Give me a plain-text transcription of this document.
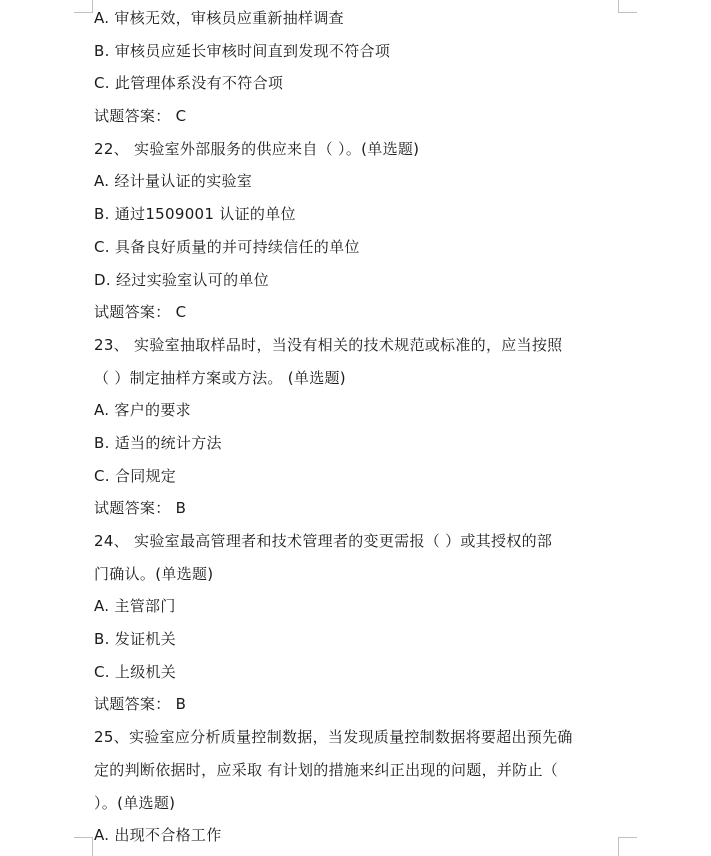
A. 审核无效，审核员应重新抽样调查
B. 审核员应延长审核时间直到发现不符合项
C. 此管理体系没有不符合项
试题答案： C
22、 实验室外部服务的供应来自（ ）。(单选题)
A. 经计量认证的实验室
B. 通过1509001 认证的单位
C. 具备良好质量的并可持续信任的单位
D. 经过实验室认可的单位
试题答案： C
23、 实验室抽取样品时，当没有相关的技术规范或标准的，应当按照
（ ）制定抽样方案或方法。 (单选题)
A. 客户的要求
B. 适当的统计方法
C. 合同规定
试题答案： B
24、 实验室最高管理者和技术管理者的变更需报（ ）或其授权的部
门确认。(单选题)
A. 主管部门
B. 发证机关
C. 上级机关
试题答案： B
25、实验室应分析质量控制数据，当发现质量控制数据将要超出预先确
定的判断依据时，应采取 有计划的措施来纠正出现的问题，并防止（
）。(单选题)
A. 出现不合格工作
